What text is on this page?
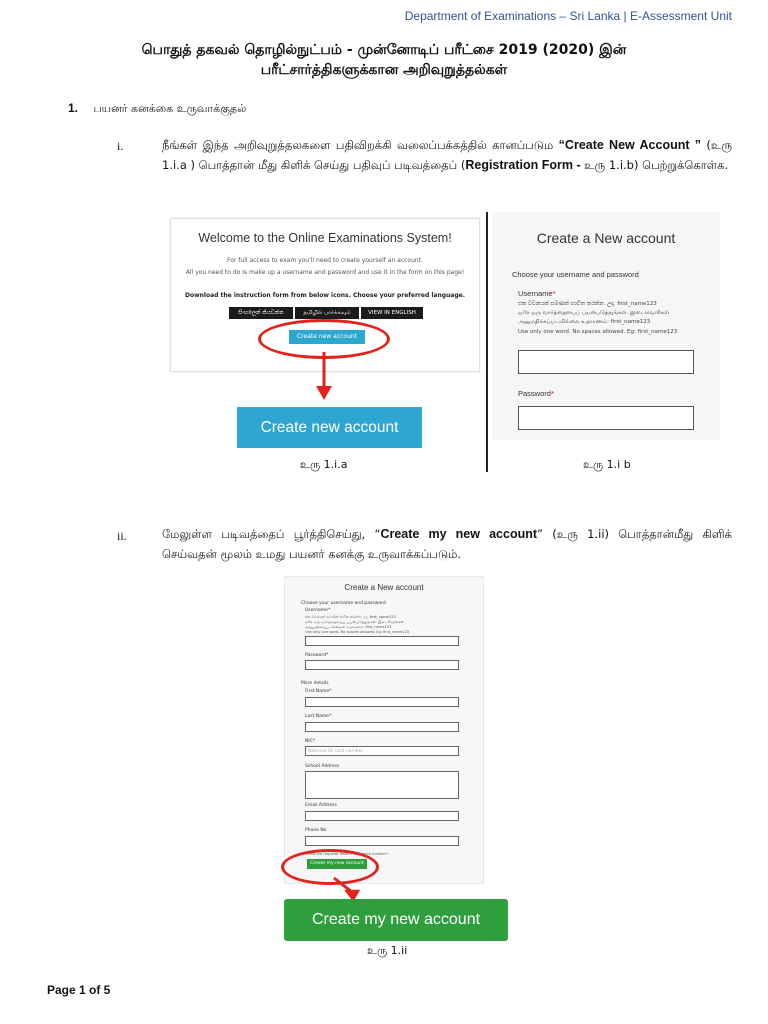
Department of Examinations – Sri Lanka | E-Assessment Unit
பொதுத் தகவல் தொழில்நுட்பம் - முன்னோடிப் பரீட்சை 2019 (2020) இன்
பரீட்சார்த்திகளுக்கான அறிவுறுத்தல்கள்
1. பயனர் கனக்கை உருவாக்குதல்
i.	நீங்கள் இந்த அறிவுறுத்தலகளை பதிவிறக்கி வலைப்பக்கத்தில் கானப்படும “Create New Account ” (உரு 1.i.a ) பொத்தான் மீது கிளிக் செய்து பதிவுப் படிவத்தைப் (Registration Form - உரு 1.i.b) பெற்றுக்கொள்க.
Welcome to the Online Examinations System!
For full access to exam you'll need to create yourself an account.
All you need to do is make up a username and password and use it in the form on this page!
Download the instruction form from below icons. Choose your preferred language.
සිංහලෙන් කියවන්න	தமிழில் பார்க்கவும்	VIEW IN ENGLISH
Create new account
Create new account
உரு 1.i.a
Create a New account
Choose your username and password
Username*
එක වචනයක් පමණක් භාවිත කරන්න. උදා. first_name123
ஒரே ஒரு வார்த்தையைப் பயன்படுத்துங்கள். இடைவெளிகள்
அனுமதிக்கப்படவில்லை உதாரணம்: first_name123
Use only one word. No spaces allowed. Eg: first_name123
Password*
உரு 1.i b
ii.	மேலுள்ள படிவத்தைப் பூர்த்திசெய்து, “Create my new account” (உரு 1.ii) பொத்தான்மீது கிளிக் செய்வதன் மூலம் உமது பயனர் கனக்கு உருவாக்கப்படும்.
Create a New account
Choose your username and password
Username*
එක වචනයක් පමණක් භාවිත කරන්න. උදා. first_name123
ஒரே ஒரு வார்த்தையைப் பயன்படுத்துங்கள். இடைவெளிகள்
அனுமதிக்கப்படவில்லை உதாரணம்: first_name123
Use only one word. No spaces allowed. Eg: first_name123
Password*
More details
First Name*
Last Name*
NIC*
National ID card number
School Address
Email Address
Phone No
There are required fields in this form marked *
Create my new account
Create my new account
உரு 1.ii
Page 1 of 5
